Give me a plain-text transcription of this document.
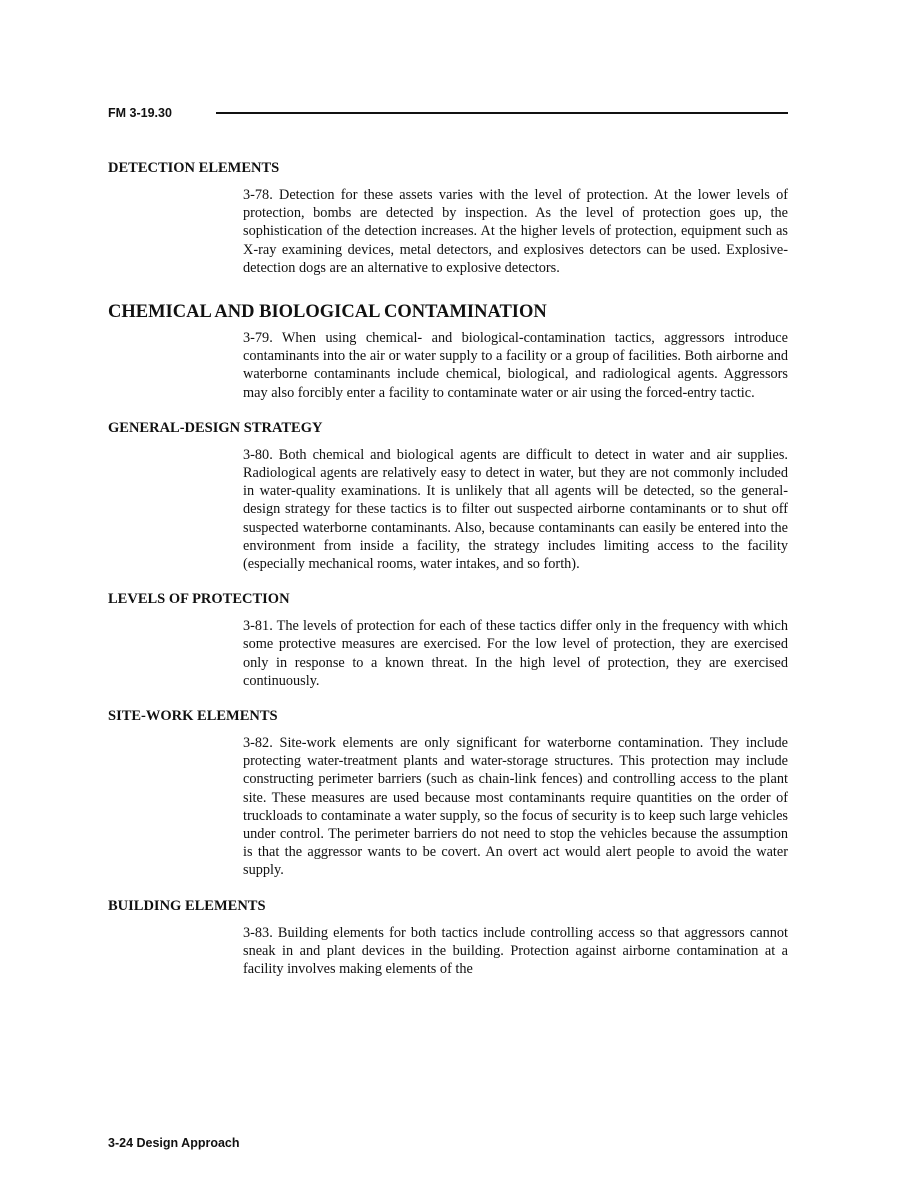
FM 3-19.30
DETECTION ELEMENTS

3-78. Detection for these assets varies with the level of protection. At the lower levels of protection, bombs are detected by inspection. As the level of protection goes up, the sophistication of the detection increases. At the higher levels of protection, equipment such as X-ray examining devices, metal detectors, and explosives detectors can be used. Explosive-detection dogs are an alternative to explosive detectors.

CHEMICAL AND BIOLOGICAL CONTAMINATION

3-79. When using chemical- and biological-contamination tactics, aggressors introduce contaminants into the air or water supply to a facility or a group of facilities. Both airborne and waterborne contaminants include chemical, biological, and radiological agents. Aggressors may also forcibly enter a facility to contaminate water or air using the forced-entry tactic.

GENERAL-DESIGN STRATEGY

3-80. Both chemical and biological agents are difficult to detect in water and air supplies. Radiological agents are relatively easy to detect in water, but they are not commonly included in water-quality examinations. It is unlikely that all agents will be detected, so the general-design strategy for these tactics is to filter out suspected airborne contaminants or to shut off suspected waterborne contaminants. Also, because contaminants can easily be entered into the environment from inside a facility, the strategy includes limiting access to the facility (especially mechanical rooms, water intakes, and so forth).

LEVELS OF PROTECTION

3-81. The levels of protection for each of these tactics differ only in the frequency with which some protective measures are exercised. For the low level of protection, they are exercised only in response to a known threat. In the high level of protection, they are exercised continuously.

SITE-WORK ELEMENTS

3-82. Site-work elements are only significant for waterborne contamination. They include protecting water-treatment plants and water-storage structures. This protection may include constructing perimeter barriers (such as chain-link fences) and controlling access to the plant site. These measures are used because most contaminants require quantities on the order of truckloads to contaminate a water supply, so the focus of security is to keep such large vehicles under control. The perimeter barriers do not need to stop the vehicles because the assumption is that the aggressor wants to be covert. An overt act would alert people to avoid the water supply.

BUILDING ELEMENTS

3-83. Building elements for both tactics include controlling access so that aggressors cannot sneak in and plant devices in the building. Protection against airborne contamination at a facility involves making elements of the

3-24 Design Approach
